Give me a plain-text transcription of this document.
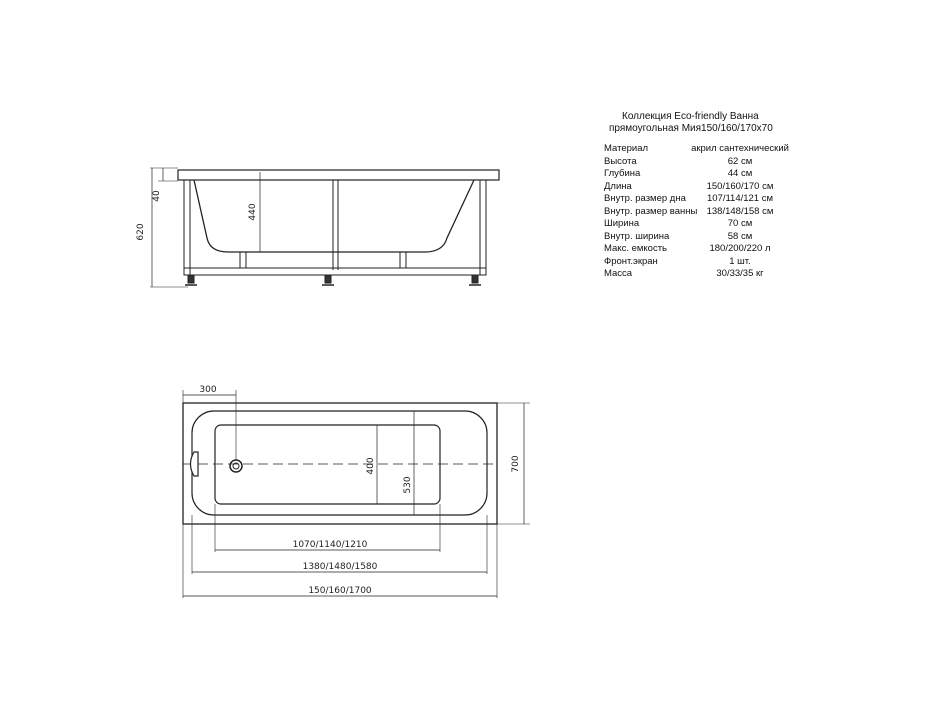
Коллекция Eco-friendly Ванна
прямоугольная Мия150/160/170х70
Материал
Высота
Глубина
Длина
Внутр. размер дна
Внутр. размер ванны
Ширина
Внутр. ширина
Макс. емкость
Фронт.экран
Масса
акрил сантехнический
62 см
44 см
150/160/170 см
107/114/121 см
138/148/158 см
70 см
58 см
180/200/220 л
1 шт.
30/33/35 кг
620
40
440
300
700
400
530
1070/1140/1210
1380/1480/1580
150/160/1700
